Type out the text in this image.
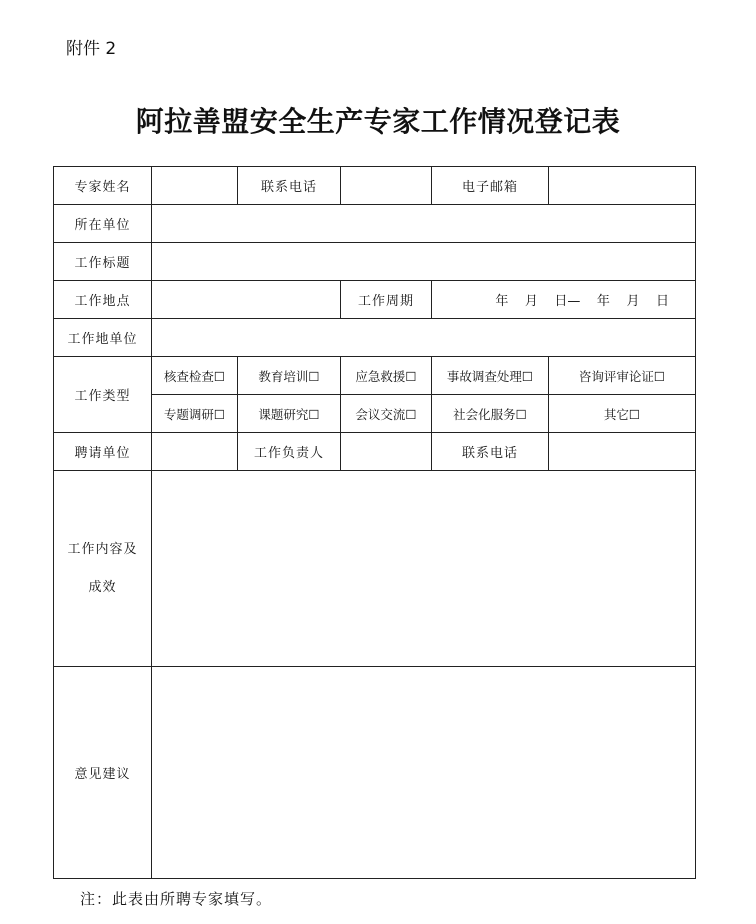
附件 2
阿拉善盟安全生产专家工作情况登记表
专家姓名		联系电话		电子邮箱	
所在单位					
工作标题					
工作地点			工作周期	年    月    日—    年    月    日	
工作地单位					
工作类型	核查检查☐	教育培训☐	应急救援☐	事故调查处理☐	咨询评审论证☐
	专题调研☐	课题研究☐	会议交流☐	社会化服务☐	其它☐
聘请单位		工作负责人		联系电话	
工作内容及
成效					
意见建议					
注：此表由所聘专家填写。
